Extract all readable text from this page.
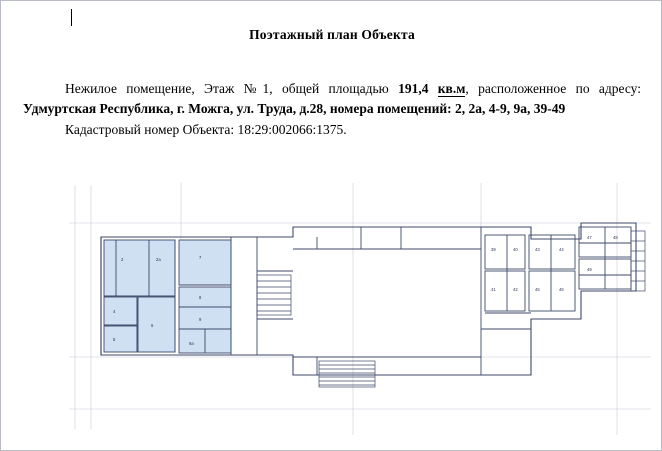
Поэтажный план Объекта
Нежилое помещение, Этаж №1, общей площадью 191,4 кв.м, расположенное по адресу: Удмуртская Республика, г. Можга, ул. Труда, д.28, номера помещений: 2, 2а, 4-9, 9а, 39-49
Кадастровый номер Объекта: 18:29:002066:1375.
2	2а
4
5
6
7
8
9
9а
39	40
41	42
43	44
45	46
47	48
49
